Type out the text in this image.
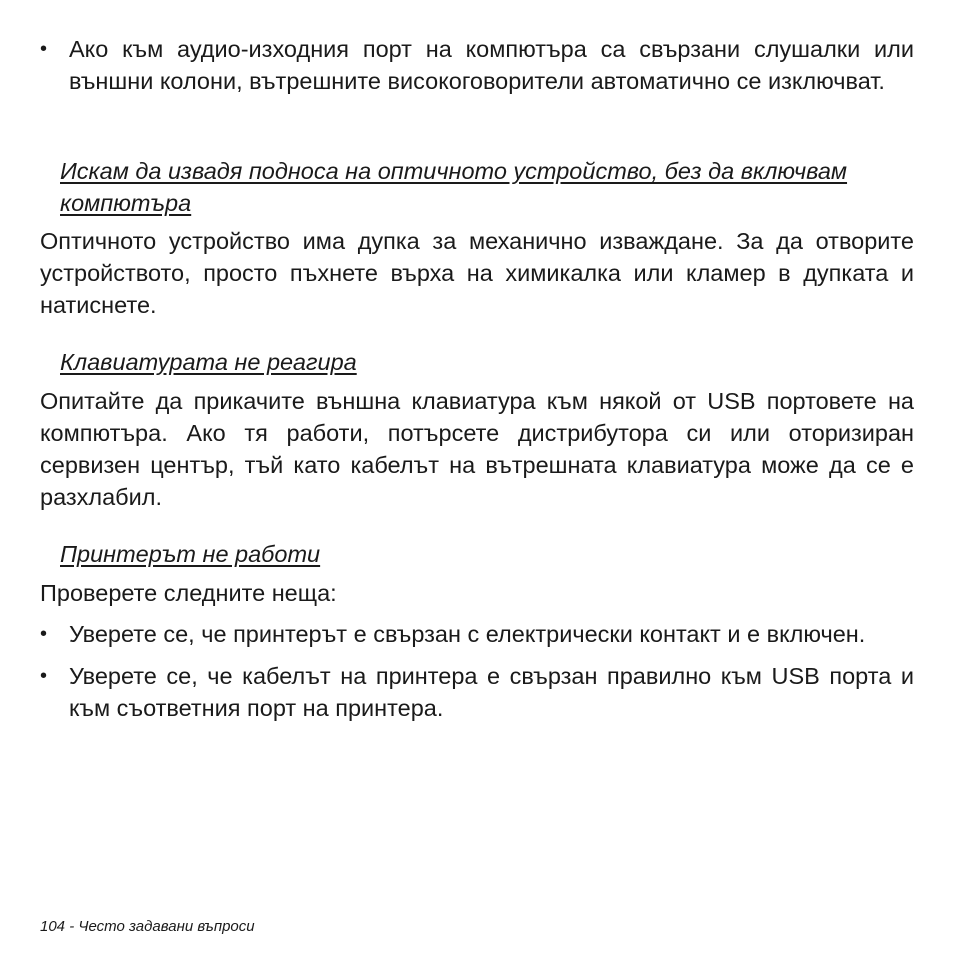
• Ако към аудио-изходния порт на компютъра са свързани слушалки или външни колони, вътрешните високоговорители автоматично се изключват.
Искам да извадя подноса на оптичното устройство, без да включвам компютъра
Оптичното устройство има дупка за механично изваждане. За да отворите устройството, просто пъхнете върха на химикалка или кламер в дупката и натиснете.
Клавиатурата не реагира
Опитайте да прикачите външна клавиатура към някой от USB портовете на компютъра. Ако тя работи, потърсете дистрибутора си или оторизиран сервизен център, тъй като кабелът на вътрешната клавиатура може да се е разхлабил.
Принтерът не работи
Проверете следните неща:
• Уверете се, че принтерът е свързан с електрически контакт и е включен.
• Уверете се, че кабелът на принтера е свързан правилно към USB порта и към съответния порт на принтера.
104 - Често задавани въпроси
